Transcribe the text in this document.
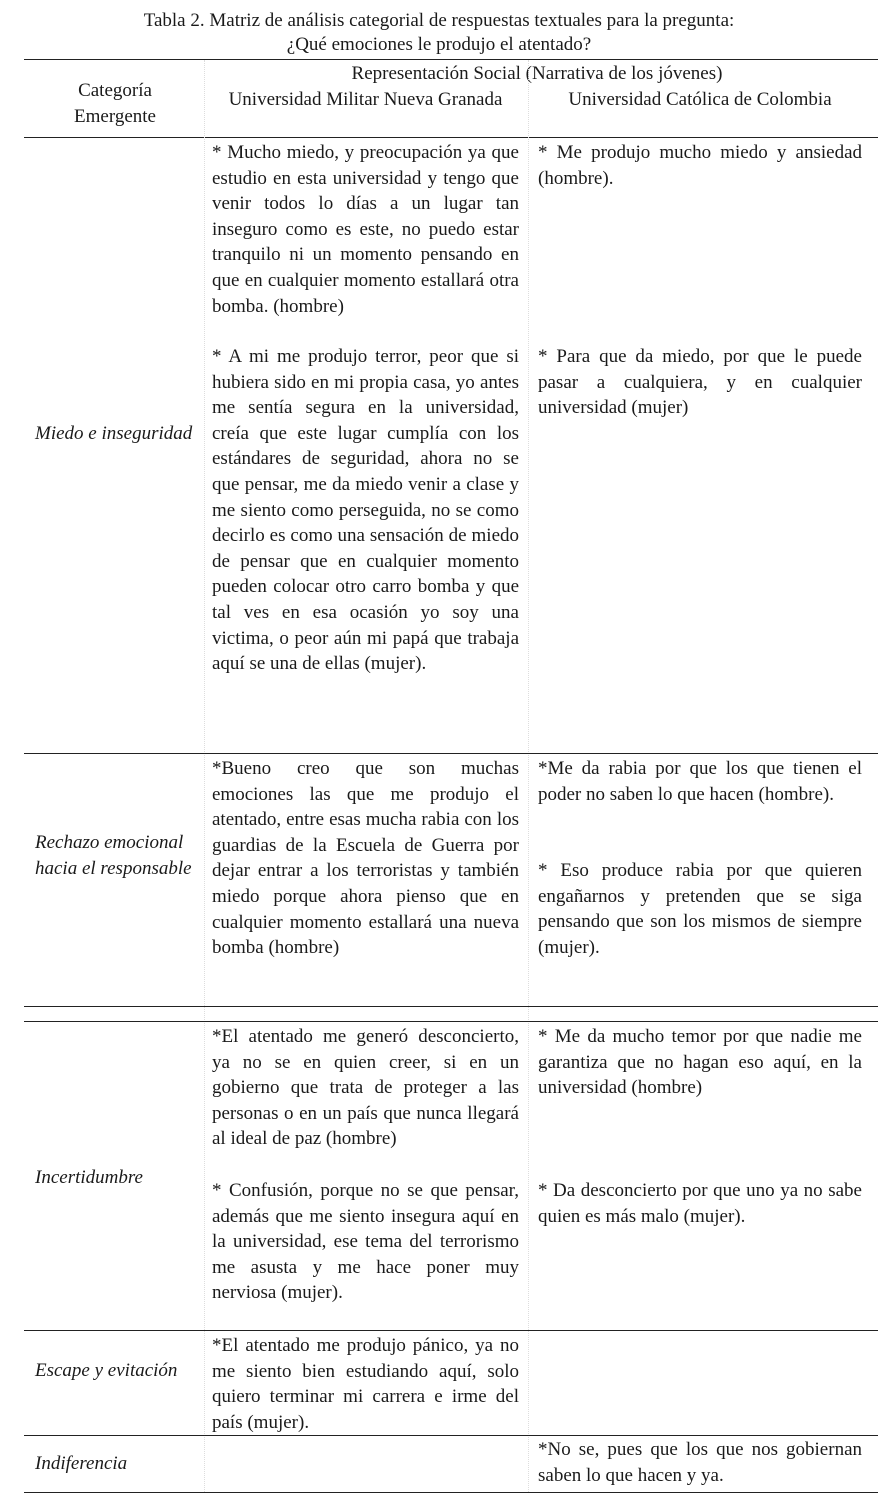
Tabla 2. Matriz de análisis categorial de respuestas textuales para la pregunta:
¿Qué emociones le produjo el atentado?
Representación Social (Narrativa de los jóvenes)
Categoría Emergente
Universidad Militar Nueva Granada	Universidad Católica de Colombia
Miedo e inseguridad
* Mucho miedo, y preocupación ya que estudio en esta universidad y tengo que venir todos lo días a un lugar tan inseguro como es este, no puedo estar tranquilo ni un momento pensando en que en cualquier momento estallará otra bomba. (hombre)
* A mi me produjo terror, peor que si hubiera sido en mi propia casa, yo antes me sentía segura en la universidad, creía que este lugar cumplía con los estándares de seguridad, ahora no se que pensar, me da miedo venir a clase y me siento como perseguida, no se como decirlo es como una sensación de miedo de pensar que en cualquier momento pueden colocar otro carro bomba y que tal ves en esa ocasión yo soy una victima, o peor aún mi papá que trabaja aquí se una de ellas (mujer).
* Me produjo mucho miedo y ansiedad (hombre).
* Para que da miedo, por que le puede pasar a cualquiera, y en cualquier universidad (mujer)
Rechazo emocional hacia el responsable
*Bueno creo que son muchas emociones las que me produjo el atentado, entre esas mucha rabia con los guardias de la Escuela de Guerra por dejar entrar a los terroristas y también miedo porque ahora pienso que en cualquier momento estallará una nueva bomba (hombre)
*Me da rabia por que los que tienen el poder no saben lo que hacen (hombre).
* Eso produce rabia por que quieren engañarnos y pretenden que se siga pensando que son los mismos de siempre (mujer).
Incertidumbre
*El atentado me generó desconcierto, ya no se en quien creer, si en un gobierno que trata de proteger a las personas o en un país que nunca llegará al ideal de paz (hombre)
* Confusión, porque no se que pensar, además que me siento insegura aquí en la universidad, ese tema del terrorismo me asusta y me hace poner muy nerviosa (mujer).
* Me da mucho temor por que nadie me garantiza que no hagan eso aquí, en la universidad (hombre)
* Da desconcierto por que uno ya no sabe quien es más malo (mujer).
Escape y evitación
*El atentado me produjo pánico, ya no me siento bien estudiando aquí, solo quiero terminar mi carrera e irme del país (mujer).
Indiferencia
*No se, pues que los que nos gobiernan saben lo que hacen y ya.
